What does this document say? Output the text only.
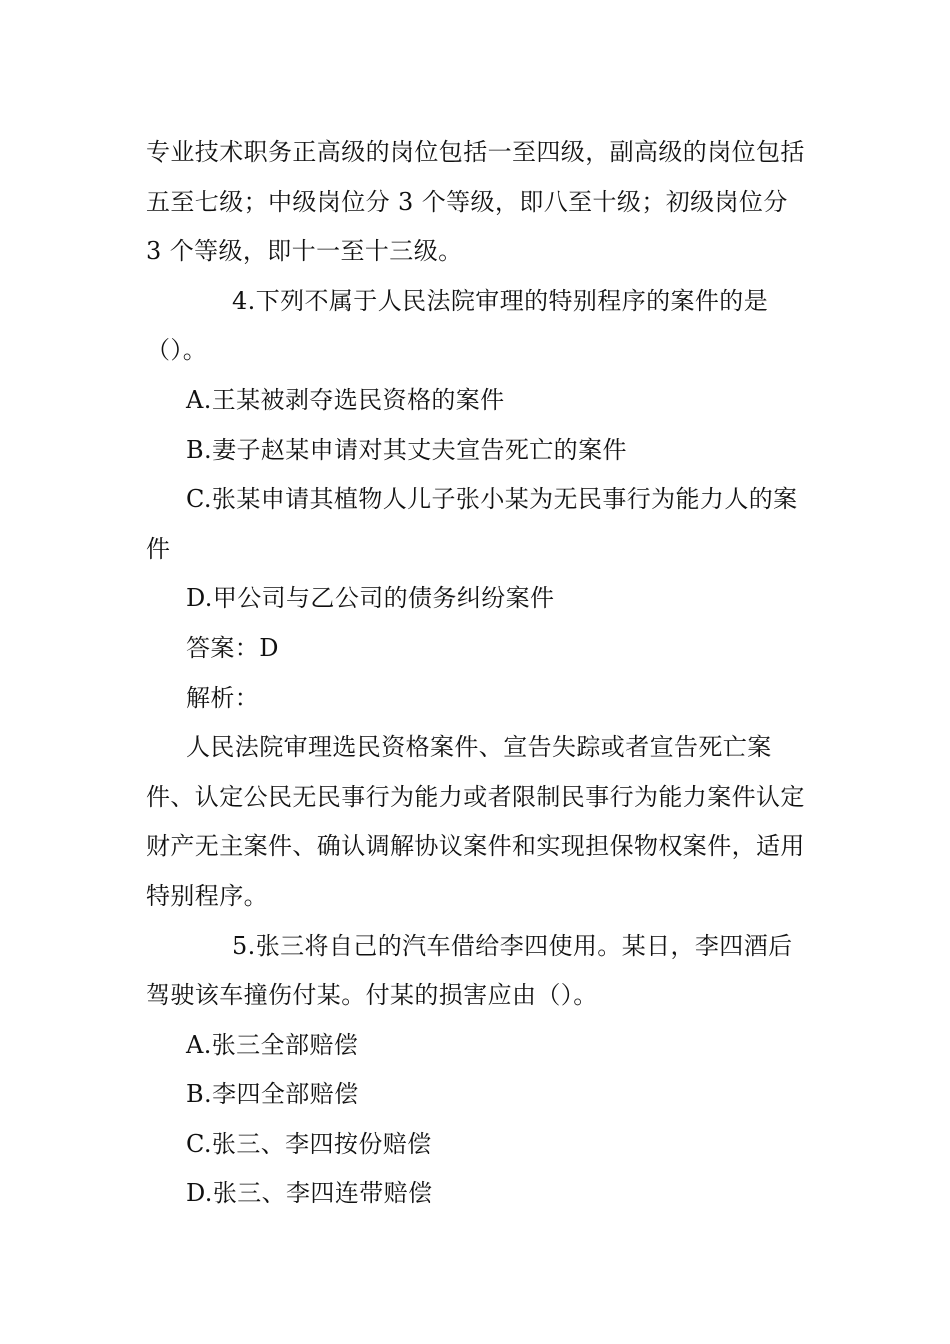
专业技术职务正高级的岗位包括一至四级，副高级的岗位包括五至七级；中级岗位分 3 个等级，即八至十级；初级岗位分 3 个等级，即十一至十三级。

4.下列不属于人民法院审理的特别程序的案件的是（）。

A.王某被剥夺选民资格的案件

B.妻子赵某申请对其丈夫宣告死亡的案件

C.张某申请其植物人儿子张小某为无民事行为能力人的案件

D.甲公司与乙公司的债务纠纷案件

答案：D

解析：

人民法院审理选民资格案件、宣告失踪或者宣告死亡案件、认定公民无民事行为能力或者限制民事行为能力案件认定财产无主案件、确认调解协议案件和实现担保物权案件，适用特别程序。

5.张三将自己的汽车借给李四使用。某日，李四酒后驾驶该车撞伤付某。付某的损害应由（）。

A.张三全部赔偿

B.李四全部赔偿

C.张三、李四按份赔偿

D.张三、李四连带赔偿
